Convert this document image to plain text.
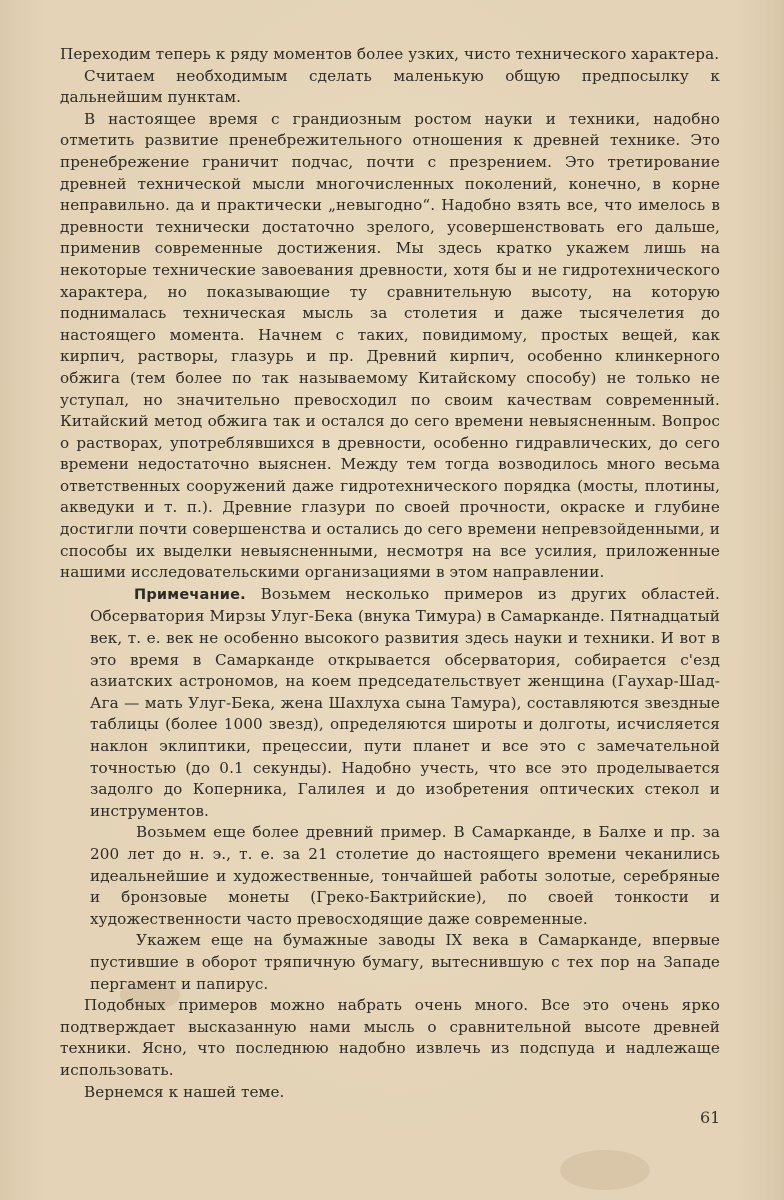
Переходим теперь к ряду моментов более узких, чисто технического характера.

Считаем необходимым сделать маленькую общую предпосылку к дальнейшим пунктам.

В настоящее время с грандиозным ростом науки и техники, надобно отметить развитие пренебрежительного отношения к древней технике. Это пренебрежение граничит подчас, почти с презрением. Это третирование древней технической мысли многочисленных поколений, конечно, в корне неправильно. да и практически „невыгодно“. Надобно взять все, что имелось в древности технически достаточно зрелого, усовершенствовать его дальше, применив современные достижения. Мы здесь кратко укажем лишь на некоторые технические завоевания древности, хотя бы и не гидротехнического характера, но показывающие ту сравнительную высоту, на которую поднималась техническая мысль за столетия и даже тысячелетия до настоящего момента. Начнем с таких, повидимому, простых вещей, как кирпич, растворы, глазурь и пр. Древний кирпич, особенно клинкерного обжига (тем более по так называемому Китайскому способу) не только не уступал, но значительно превосходил по своим качествам современный. Китайский метод обжига так и остался до сего времени невыясненным. Вопрос о растворах, употреблявшихся в древности, особенно гидравлических, до сего времени недостаточно выяснен. Между тем тогда возводилось много весьма ответственных сооружений даже гидротехнического порядка (мосты, плотины, акведуки и т. п.). Древние глазури по своей прочности, окраске и глубине достигли почти совершенства и остались до сего времени непревзойденными, и способы их выделки невыясненными, несмотря на все усилия, приложенные нашими исследовательскими организациями в этом направлении.

Примечание. Возьмем несколько примеров из других областей. Обсерватория Мирзы Улуг-Бека (внука Тимура) в Самарканде. Пятнадцатый век, т. е. век не особенно высокого развития здесь науки и техники. И вот в это время в Самарканде открывается обсерватория, собирается с'езд азиатских астрономов, на коем председательствует женщина (Гаухар-Шад-Ага — мать Улуг-Бека, жена Шахлуха сына Тамура), составляются звездные таблицы (более 1000 звезд), определяются широты и долготы, исчисляется наклон эклиптики, прецессии, пути планет и все это с замечательной точностью (до 0.1 секунды). Надобно учесть, что все это проделывается задолго до Коперника, Галилея и до изобретения оптических стекол и инструментов.

Возьмем еще более древний пример. В Самарканде, в Балхе и пр. за 200 лет до н. э., т. е. за 21 столетие до настоящего времени чеканились идеальнейшие и художественные, тончайшей работы золотые, серебряные и бронзовые монеты (Греко-Бактрийские), по своей тонкости и художественности часто превосходящие даже современные.

Укажем еще на бумажные заводы IX века в Самарканде, впервые пустившие в оборот тряпичную бумагу, вытеснившую с тех пор на Западе пергамент и папирус.

Подобных примеров можно набрать очень много. Все это очень ярко подтверждает высказанную нами мысль о сравнительной высоте древней техники. Ясно, что последнюю надобно извлечь из подспуда и надлежаще использовать.

Вернемся к нашей теме.

61
